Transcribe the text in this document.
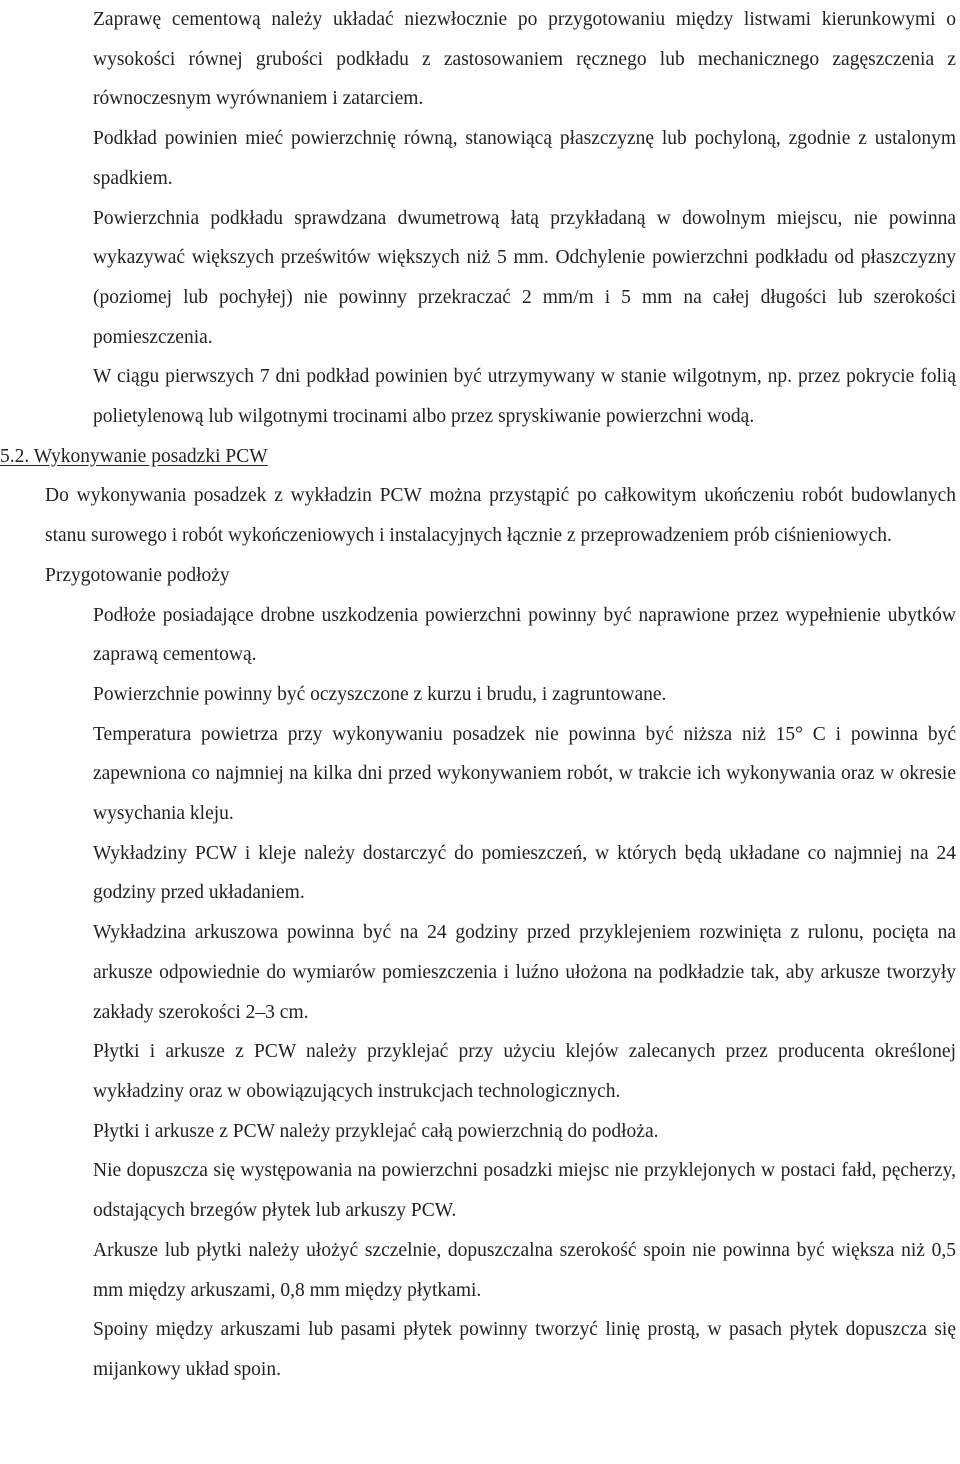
Zaprawę cementową należy układać niezwłocznie po przygotowaniu między listwami kierunkowymi o wysokości równej grubości podkładu z zastosowaniem ręcznego lub mechanicznego zagęszczenia z równoczesnym wyrównaniem i zatarciem.

Podkład powinien mieć powierzchnię równą, stanowiącą płaszczyznę lub pochyloną, zgodnie z ustalonym spadkiem.

Powierzchnia podkładu sprawdzana dwumetrową łatą przykładaną w dowolnym miejscu, nie powinna wykazywać większych prześwitów większych niż 5 mm. Odchylenie powierzchni podkładu od płaszczyzny (poziomej lub pochyłej) nie powinny przekraczać 2 mm/m i 5 mm na całej długości lub szerokości pomieszczenia.

W ciągu pierwszych 7 dni podkład powinien być utrzymywany w stanie wilgotnym, np. przez pokrycie folią polietylenową lub wilgotnymi trocinami albo przez spryskiwanie powierzchni wodą.

5.2. Wykonywanie posadzki PCW

Do wykonywania posadzek z wykładzin PCW można przystąpić po całkowitym ukończeniu robót budowlanych stanu surowego i robót wykończeniowych i instalacyjnych łącznie z przeprowadzeniem prób ciśnieniowych.

Przygotowanie podłoży

Podłoże posiadające drobne uszkodzenia powierzchni powinny być naprawione przez wypełnienie ubytków zaprawą cementową.

Powierzchnie powinny być oczyszczone z kurzu i brudu, i zagruntowane.

Temperatura powietrza przy wykonywaniu posadzek nie powinna być niższa niż 15° C i powinna być zapewniona co najmniej na kilka dni przed wykonywaniem robót, w trakcie ich wykonywania oraz w okresie wysychania kleju.

Wykładziny PCW i kleje należy dostarczyć do pomieszczeń, w których będą układane co najmniej na 24 godziny przed układaniem.

Wykładzina arkuszowa powinna być na 24 godziny przed przyklejeniem rozwinięta z rulonu, pocięta na arkusze odpowiednie do wymiarów pomieszczenia i luźno ułożona na podkładzie tak, aby arkusze tworzyły zakłady szerokości 2–3 cm.

Płytki i arkusze z PCW należy przyklejać przy użyciu klejów zalecanych przez producenta określonej wykładziny oraz w obowiązujących instrukcjach technologicznych.

Płytki i arkusze z PCW należy przyklejać całą powierzchnią do podłoża.

Nie dopuszcza się występowania na powierzchni posadzki miejsc nie przyklejonych w postaci fałd, pęcherzy, odstających brzegów płytek lub arkuszy PCW.

Arkusze lub płytki należy ułożyć szczelnie, dopuszczalna szerokość spoin nie powinna być większa niż 0,5 mm między arkuszami, 0,8 mm między płytkami.

Spoiny między arkuszami lub pasami płytek powinny tworzyć linię prostą, w pasach płytek dopuszcza się mijankowy układ spoin.
